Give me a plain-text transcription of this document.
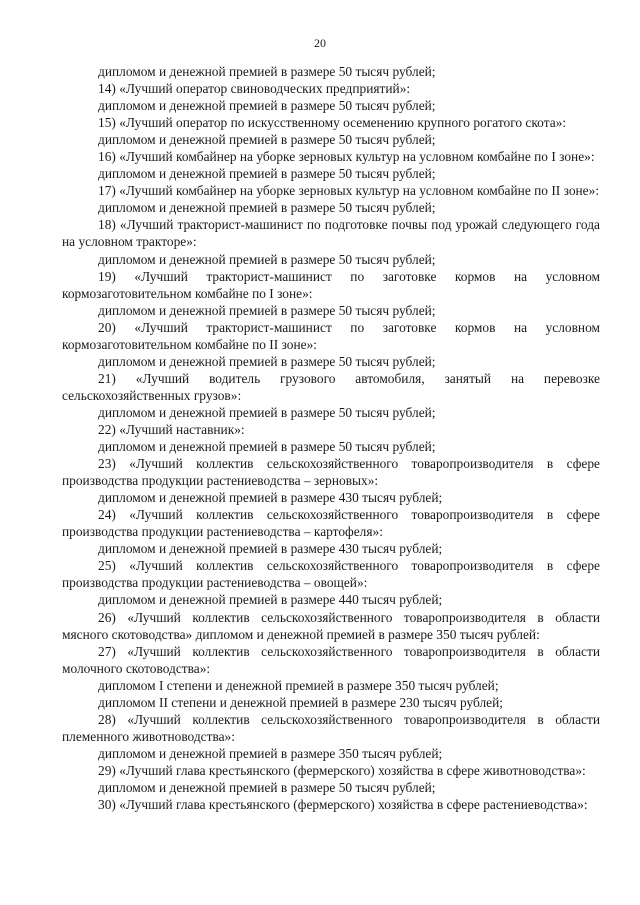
20

дипломом и денежной премией в размере 50 тысяч рублей;

14) «Лучший оператор свиноводческих предприятий»:

дипломом и денежной премией в размере 50 тысяч рублей;

15) «Лучший оператор по искусственному осеменению крупного рогатого скота»:

дипломом и денежной премией в размере 50 тысяч рублей;

16) «Лучший комбайнер на уборке зерновых культур на условном комбайне по I зоне»:

дипломом и денежной премией в размере 50 тысяч рублей;

17) «Лучший комбайнер на уборке зерновых культур на условном комбайне по II зоне»:

дипломом и денежной премией в размере 50 тысяч рублей;

18) «Лучший тракторист-машинист по подготовке почвы под урожай следующего года на условном тракторе»:

дипломом и денежной премией в размере 50 тысяч рублей;

19) «Лучший тракторист-машинист по заготовке кормов на условном кормозаготовительном комбайне по I зоне»:

дипломом и денежной премией в размере 50 тысяч рублей;

20) «Лучший тракторист-машинист по заготовке кормов на условном кормозаготовительном комбайне по II зоне»:

дипломом и денежной премией в размере 50 тысяч рублей;

21) «Лучший водитель грузового автомобиля, занятый на перевозке сельскохозяйственных грузов»:

дипломом и денежной премией в размере 50 тысяч рублей;

22) «Лучший наставник»:

дипломом и денежной премией в размере 50 тысяч рублей;

23) «Лучший коллектив сельскохозяйственного товаропроизводителя в сфере производства продукции растениеводства – зерновых»:

дипломом и денежной премией в размере 430 тысяч рублей;

24) «Лучший коллектив сельскохозяйственного товаропроизводителя в сфере производства продукции растениеводства – картофеля»:

дипломом и денежной премией в размере 430 тысяч рублей;

25) «Лучший коллектив сельскохозяйственного товаропроизводителя в сфере производства продукции растениеводства – овощей»:

дипломом и денежной премией в размере 440 тысяч рублей;

26) «Лучший коллектив сельскохозяйственного товаропроизводителя в области мясного скотоводства» дипломом и денежной премией в размере 350 тысяч рублей:

27) «Лучший коллектив сельскохозяйственного товаропроизводителя в области молочного скотоводства»:

дипломом I степени и денежной премией в размере 350 тысяч рублей;

дипломом II степени и денежной премией в размере 230 тысяч рублей;

28) «Лучший коллектив сельскохозяйственного товаропроизводителя в области племенного животноводства»:

дипломом и денежной премией в размере 350 тысяч рублей;

29) «Лучший глава крестьянского (фермерского) хозяйства в сфере животноводства»:

дипломом и денежной премией в размере 50 тысяч рублей;

30) «Лучший глава крестьянского (фермерского) хозяйства в сфере растениеводства»:
